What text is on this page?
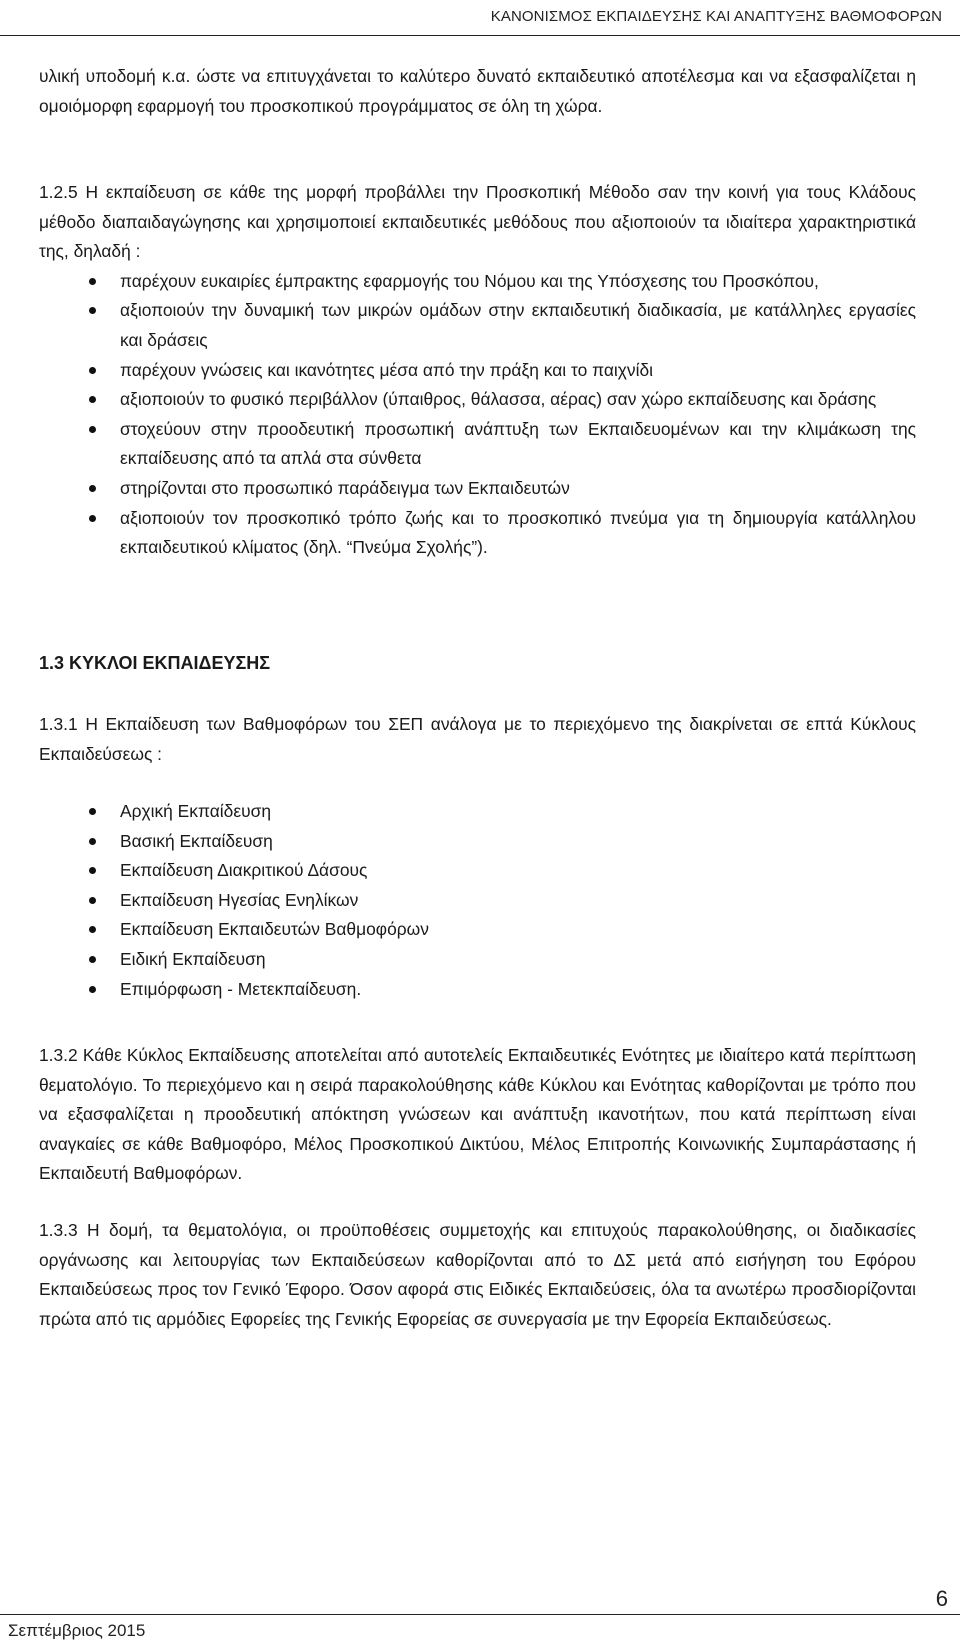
ΚΑΝΟΝΙΣΜΟΣ ΕΚΠΑΙΔΕΥΣΗΣ ΚΑΙ ΑΝΑΠΤΥΞΗΣ ΒΑΘΜΟΦΟΡΩΝ

υλική υποδομή κ.α. ώστε να επιτυγχάνεται το καλύτερο δυνατό εκπαιδευτικό αποτέλεσμα και να εξασφαλίζεται η ομοιόμορφη εφαρμογή του προσκοπικού προγράμματος σε όλη τη χώρα.

1.2.5 Η εκπαίδευση σε κάθε της μορφή προβάλλει την Προσκοπική Μέθοδο σαν την κοινή για τους Κλάδους μέθοδο διαπαιδαγώγησης και χρησιμοποιεί εκπαιδευτικές μεθόδους που αξιοποιούν τα ιδιαίτερα χαρακτηριστικά της, δηλαδή :

παρέχουν ευκαιρίες έμπρακτης εφαρμογής του Νόμου και της Υπόσχεσης του Προσκόπου,
αξιοποιούν την δυναμική των μικρών ομάδων στην εκπαιδευτική διαδικασία, με κατάλληλες εργασίες και δράσεις
παρέχουν γνώσεις και ικανότητες μέσα από την πράξη και το παιχνίδι
αξιοποιούν το φυσικό περιβάλλον (ύπαιθρος, θάλασσα, αέρας) σαν χώρο εκπαίδευσης και δράσης
στοχεύουν στην προοδευτική προσωπική ανάπτυξη των Εκπαιδευομένων και την κλιμάκωση της εκπαίδευσης από τα απλά στα σύνθετα
στηρίζονται στο προσωπικό παράδειγμα των Εκπαιδευτών
αξιοποιούν τον προσκοπικό τρόπο ζωής και το προσκοπικό πνεύμα για τη δημιουργία κατάλληλου εκπαιδευτικού κλίματος (δηλ. “Πνεύμα Σχολής”).
1.3 ΚΥΚΛΟΙ ΕΚΠΑΙΔΕΥΣΗΣ

1.3.1 Η Εκπαίδευση των Βαθμοφόρων του ΣΕΠ ανάλογα με το περιεχόμενο της διακρίνεται σε επτά Κύκλους Εκπαιδεύσεως :

Αρχική Εκπαίδευση
Βασική Εκπαίδευση
Εκπαίδευση Διακριτικού Δάσους
Εκπαίδευση Ηγεσίας Ενηλίκων
Εκπαίδευση Εκπαιδευτών Βαθμοφόρων
Ειδική Εκπαίδευση
Επιμόρφωση - Μετεκπαίδευση.

1.3.2 Κάθε Κύκλος Εκπαίδευσης αποτελείται από αυτοτελείς Εκπαιδευτικές Ενότητες με ιδιαίτερο κατά περίπτωση θεματολόγιο. Το περιεχόμενο και η σειρά παρακολούθησης κάθε Κύκλου και Ενότητας καθορίζονται με τρόπο που να εξασφαλίζεται η προοδευτική απόκτηση γνώσεων και ανάπτυξη ικανοτήτων, που κατά περίπτωση είναι αναγκαίες σε κάθε Βαθμοφόρο, Μέλος Προσκοπικού Δικτύου, Μέλος Επιτροπής Κοινωνικής Συμπαράστασης ή Εκπαιδευτή Βαθμοφόρων.

1.3.3 Η δομή, τα θεματολόγια, οι προϋποθέσεις συμμετοχής και επιτυχούς παρακολούθησης, οι διαδικασίες οργάνωσης και λειτουργίας των Εκπαιδεύσεων καθορίζονται από το ΔΣ μετά από εισήγηση του Εφόρου Εκπαιδεύσεως προς τον Γενικό Έφορο. Όσον αφορά στις Ειδικές Εκπαιδεύσεις, όλα τα ανωτέρω προσδιορίζονται πρώτα από τις αρμόδιες Εφορείες της Γενικής Εφορείας σε συνεργασία με την Εφορεία Εκπαιδεύσεως.

6
Σεπτέμβριος 2015
